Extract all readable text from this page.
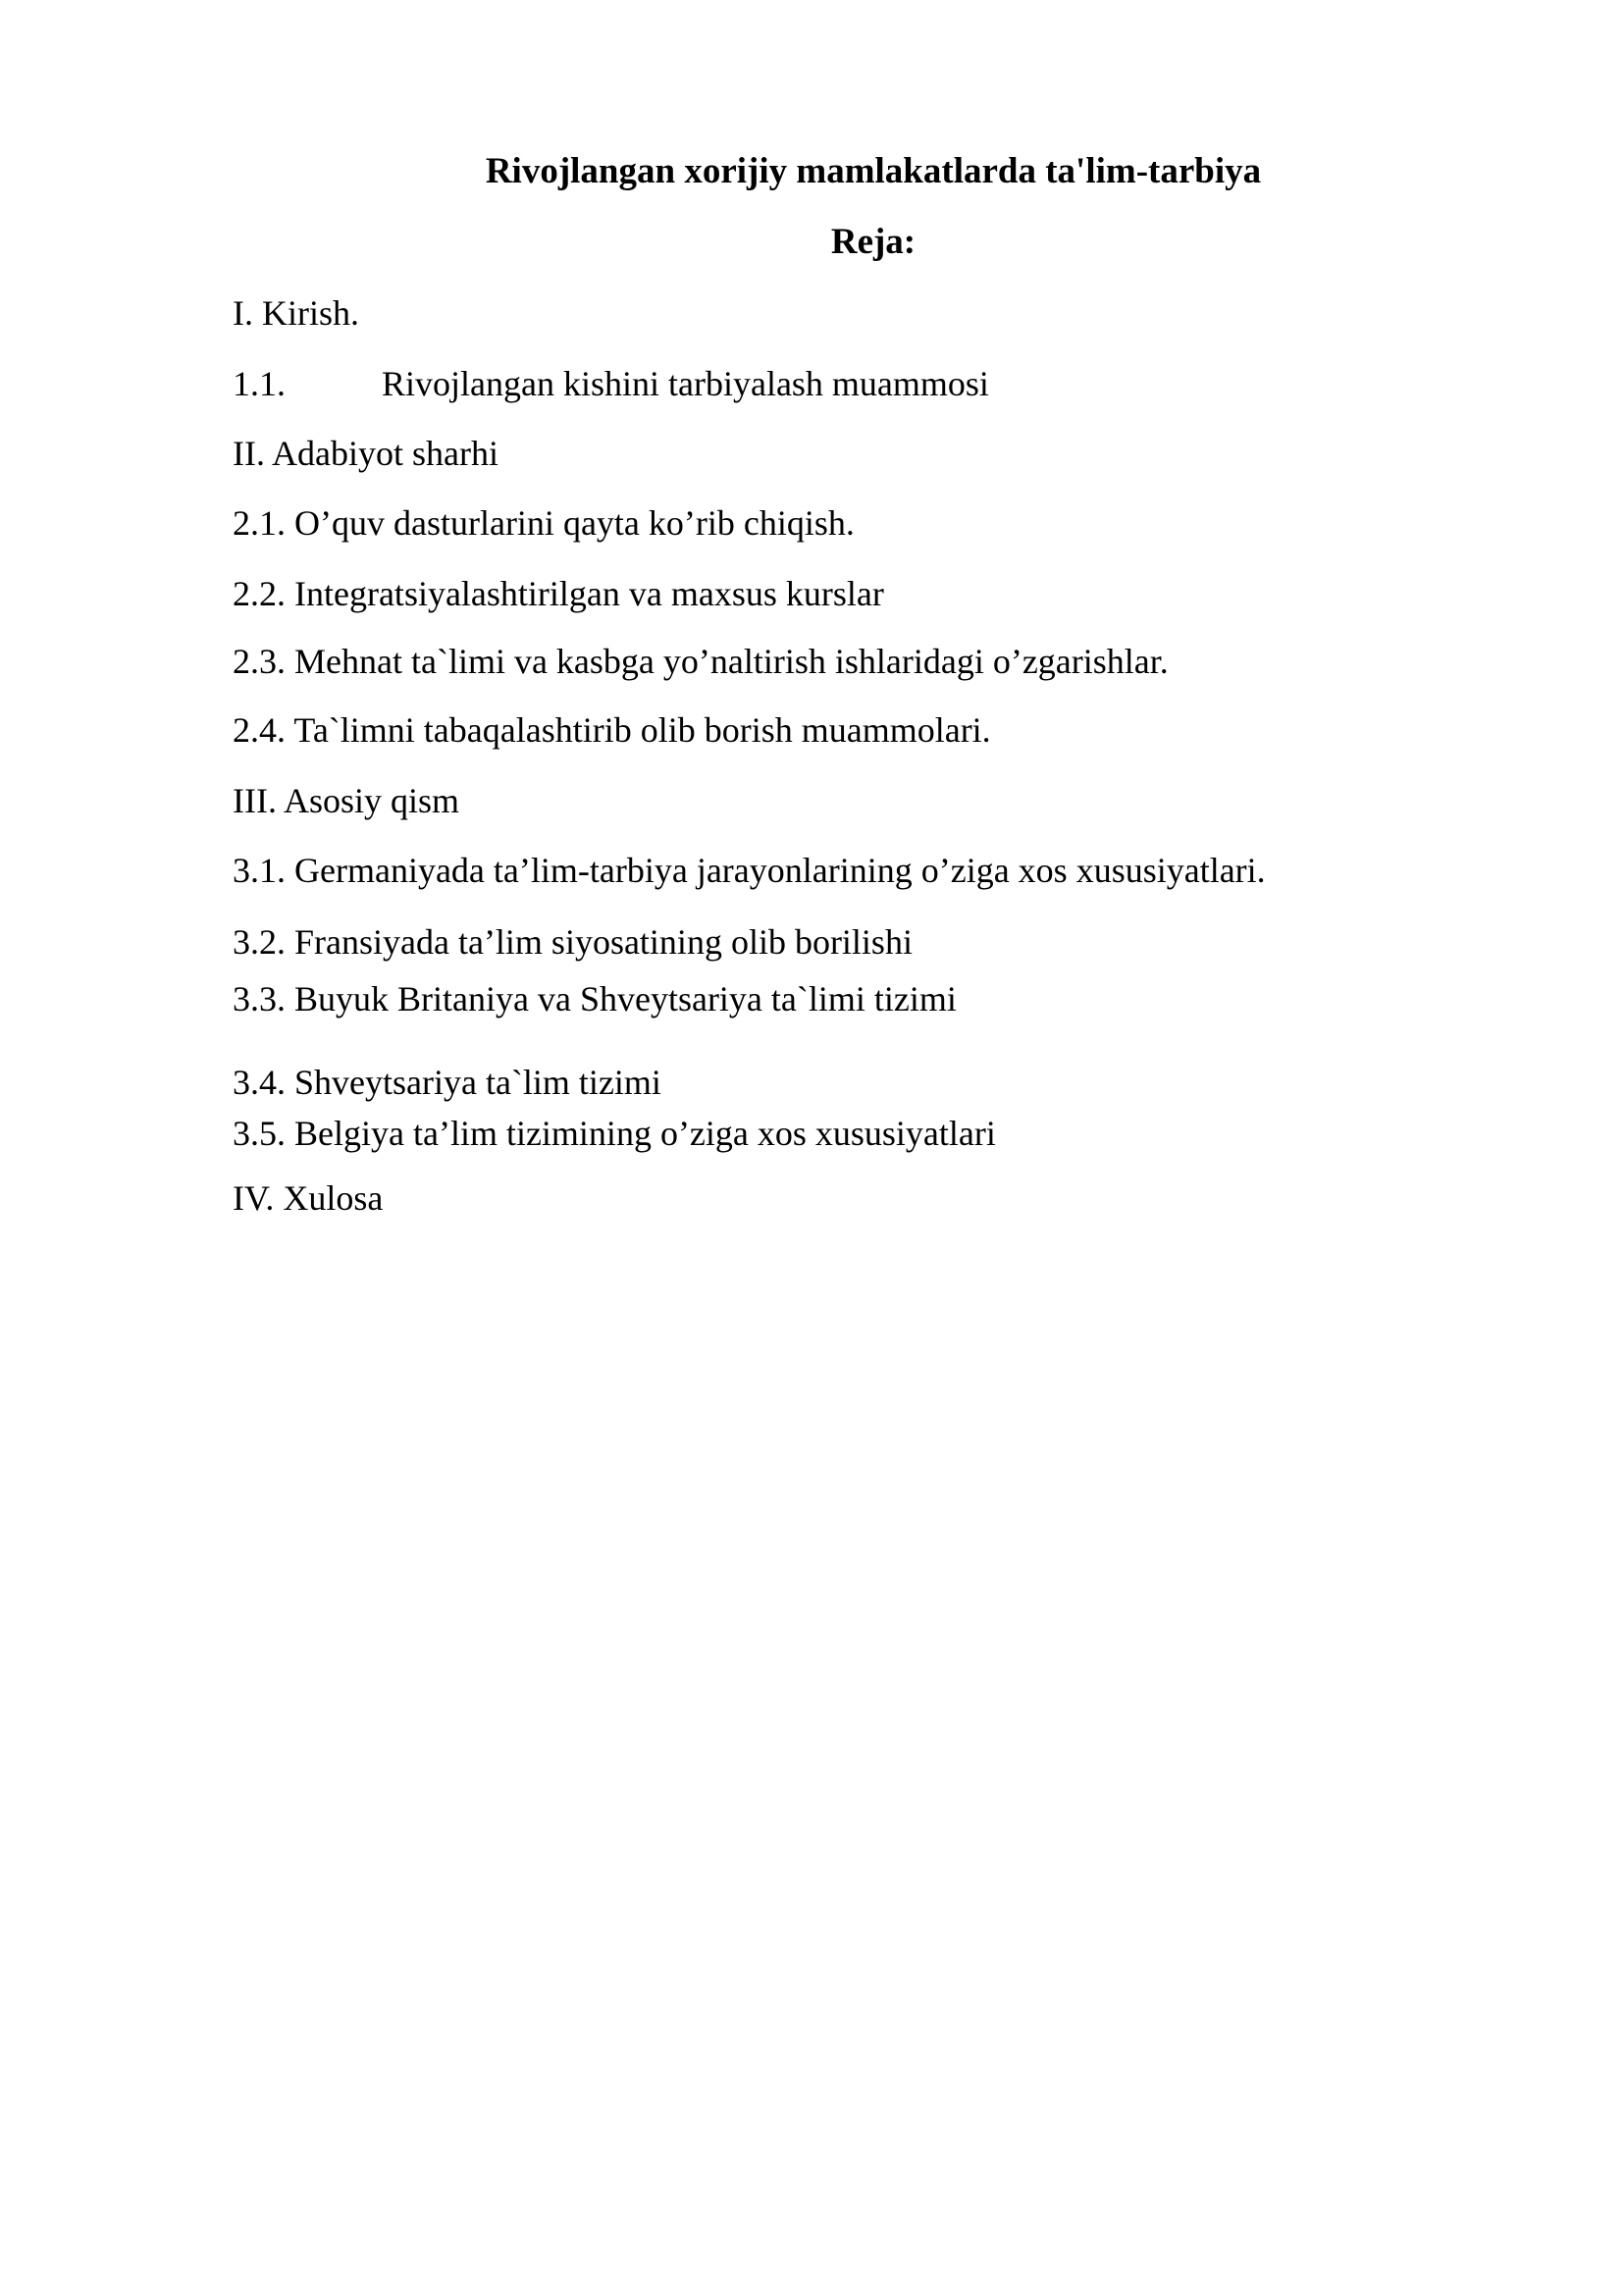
Rivojlangan xorijiy mamlakatlarda ta'lim-tarbiya
Reja:
I. Kirish.
1.1.	Rivojlangan kishini tarbiyalash muammosi
II. Adabiyot sharhi
2.1. O’quv dasturlarini qayta ko’rib chiqish.
2.2. Integratsiyalashtirilgan va maxsus kurslar
2.3. Mehnat ta`limi va kasbga yo’naltirish ishlaridagi o’zgarishlar.
2.4. Ta`limni tabaqalashtirib olib borish muammolari.
III. Asosiy qism
3.1. Germaniyada ta’lim-tarbiya jarayonlarining o’ziga xos xususiyatlari.
3.2. Fransiyada ta’lim siyosatining olib borilishi
3.3. Buyuk Britaniya va Shveytsariya ta`limi tizimi
3.4. Shveytsariya ta`lim tizimi
3.5. Belgiya ta’lim tizimining o’ziga xos xususiyatlari
IV. Xulosa
